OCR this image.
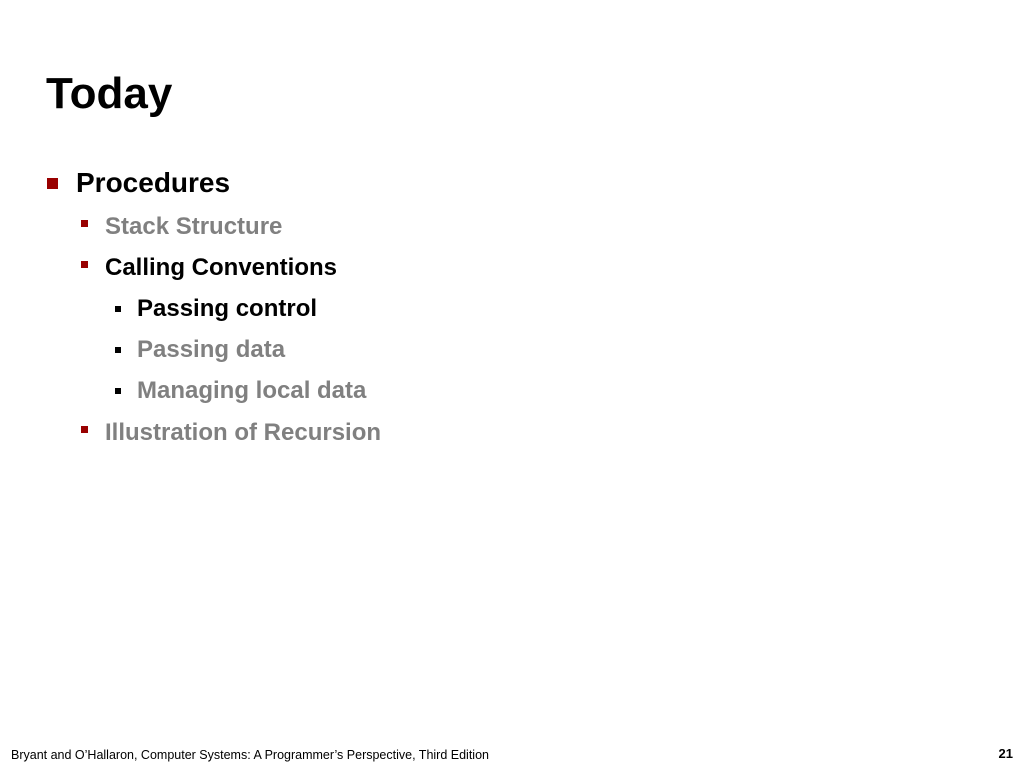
Today
Procedures
Stack Structure
Calling Conventions
Passing control
Passing data
Managing local data
Illustration of Recursion
Bryant and O’Hallaron, Computer Systems: A Programmer’s Perspective, Third Edition	21
